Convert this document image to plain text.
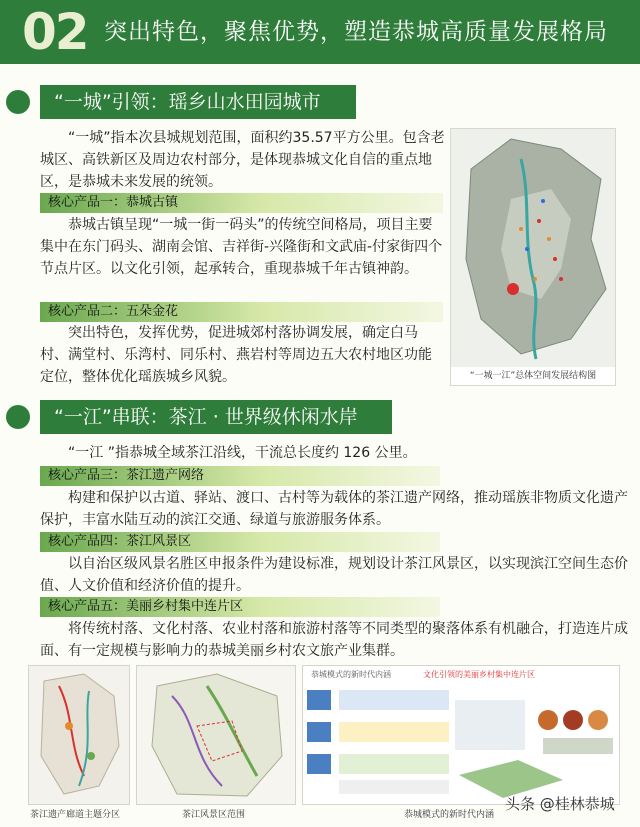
02 突出特色，聚焦优势，塑造恭城高质量发展格局
“一城”引领：瑶乡山水田园城市
“一城”指本次县城规划范围，面积约35.57平方公里。包含老城区、高铁新区及周边农村部分，是体现恭城文化自信的重点地区，是恭城未来发展的统领。
核心产品一：恭城古镇
恭城古镇呈现“一城一街一码头”的传统空间格局，项目主要集中在东门码头、湖南会馆、吉祥街-兴隆街和文武庙-付家街四个节点片区。以文化引领，起承转合，重现恭城千年古镇神韵。
核心产品二：五朵金花
突出特色，发挥优势，促进城郊村落协调发展，确定白马村、满堂村、乐湾村、同乐村、燕岩村等周边五大农村地区功能定位，整体优化瑶族城乡风貌。	“一城一江”总体空间发展结构图
“一江”串联：茶江 · 世界级休闲水岸
“一江 ”指恭城全域茶江沿线，干流总长度约 126 公里。
核心产品三：茶江遗产网络
构建和保护以古道、驿站、渡口、古村等为载体的茶江遗产网络，推动瑶族非物质文化遗产保护，丰富水陆互动的滨江交通、绿道与旅游服务体系。
核心产品四：茶江风景区
以自治区级风景名胜区申报条件为建设标准，规划设计茶江风景区，以实现滨江空间生态价值、人文价值和经济价值的提升。
核心产品五：美丽乡村集中连片区
将传统村落、文化村落、农业村落和旅游村落等不同类型的聚落体系有机融合，打造连片成面、有一定规模与影响力的恭城美丽乡村农文旅产业集群。
茶江遗产廊道主题分区	茶江风景区范围
恭城模式的新时代内涵	文化引领的美丽乡村集中连片区
恭城模式的新时代内涵
头条 @桂林恭城
